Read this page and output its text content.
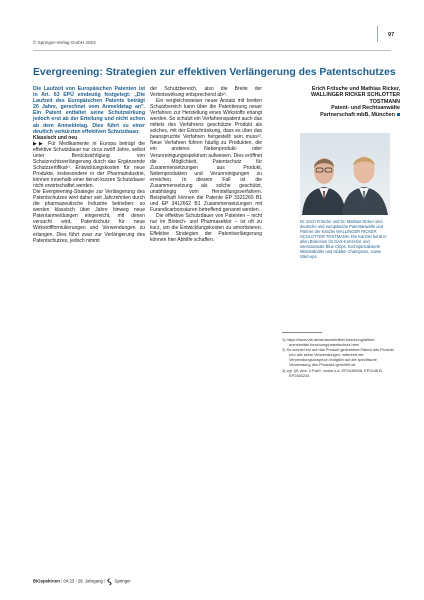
© Springer-Verlag GmbH 2023
97
Evergreening: Strategien zur effektiven Verlängerung des Patentschutzes

Die Laufzeit von Europäischen Patenten ist in Art. 63 EPÜ eindeutig festgelegt: „Die Laufzeit des Europäischen Patents beträgt 20 Jahre, gerechnet vom Anmeldetag an". Ein Patent entfaltet seine Schutzwirkung jedoch erst ab der Erteilung und nicht schon ab dem Anmeldetag. Dies führt zu einer deutlich verkürzten effektiven Schutzdauer.

Klassisch und neu

▶▶ Für Medikamente in Europa beträgt die effektive Schutzdauer nur circa zwölf Jahre, selbst unter Berücksichtigung von Schutzrechtsverlängerung durch das Ergänzende Schutzzertifikat¹⁾. Entwicklungskosten für neue Produkte, insbesondere in der Pharmaindustrie, können innerhalb einer derart kurzen Schutzdauer nicht erwirtschaftet werden.

Die Evergreening-Strategie zur Verlängerung des Patentschutzes wird daher seit Jahrzehnten durch die pharmazeutische Industrie betrieben: so werden klassisch über Jahre hinweg neue Patentanmeldungen eingereicht, mit denen versucht wird, Patentschutz für neue Wirkstoffformulierungen und Verwendungen zu erlangen. Dies führt zwar zur Verlängerung des Patentschutzes, jedoch nimmt

der Schutzbereich, also die Breite der Verbotswirkung entsprechend ab²⁾.

Ein vergleichsweiser neuer Ansatz mit breiten Schutzbereich kann über die Patentierung neuer Verfahren zur Herstellung eines Wirkstoffs erlangt werden. So schützt ein Verfahrenspatent auch das mittels des Verfahrens geschützte Produkt als solches, mit der Einschränkung, dass es über das beanspruchte Verfahren hergestellt sein muss³⁾. Neue Verfahren führen häufig zu Produkten, die ein anderes Nebenprodukt- oder Verunreinigungsspektrum aufweisen. Dies eröffnet die Möglichkeit, Patentschutz für Zusammensetzungen aus Produkt, Nebenprodukten und Verunreinigungen zu erreichen. In diesem Fall ist die Zusammensetzung als solche geschützt, unabhängig vom Herstellungsverfahren. Beispielhaft können die Patente EP 3321260 B1 und EP 3412662 B1 Zusammensetzungen mit Furandicarbonsäuren betreffend genannt werden.

Die effektive Schutzdauer von Patenten – nicht nur im Biotech- und Pharmasektor – ist oft zu kurz, um die Entwicklungskosten zu amortisieren. Effektive Strategien der Patentverlängerung können hier Abhilfe schaffen.

Erich Fritsche und Mathias Ricker,
WALLINGER RICKER SCHLOTTER
TOSTMANN
Patent- und Rechtsanwälte
Partnerschaft mbB, München
Dr. Erich Fritsche und Dr. Mathias Ricker sind deutsche und europäische Patentanwälte und Partner der Kanzlei WALLINGER RICKER SCHLOTTER TOSTMANN. Die Kanzlei berät in allen Branchen für DAX-Konzerne und internationale Blue Chips, hochspezialisierte Mittelständler und Hidden Champions, sowie Start-ups.

1) https://www.vfa.de/de/arzneimittel-forschung/artikel-arzneimittel-forschung/patentschutz.html

2) So schützt ein auf das Produkt gerichtetes Patent das Produkt und alle seine Verwendungen, während der Verwendungsanspruch lediglich auf die spezifische Verwendung des Produkts gerichtet ist

3) vgl. §9, Abs. 3 PatG, sowie u.a. EP2448906, EP2448 B, EP2483234

BIOspektrum | 04.23 | 29. Jahrgang |  Springer
